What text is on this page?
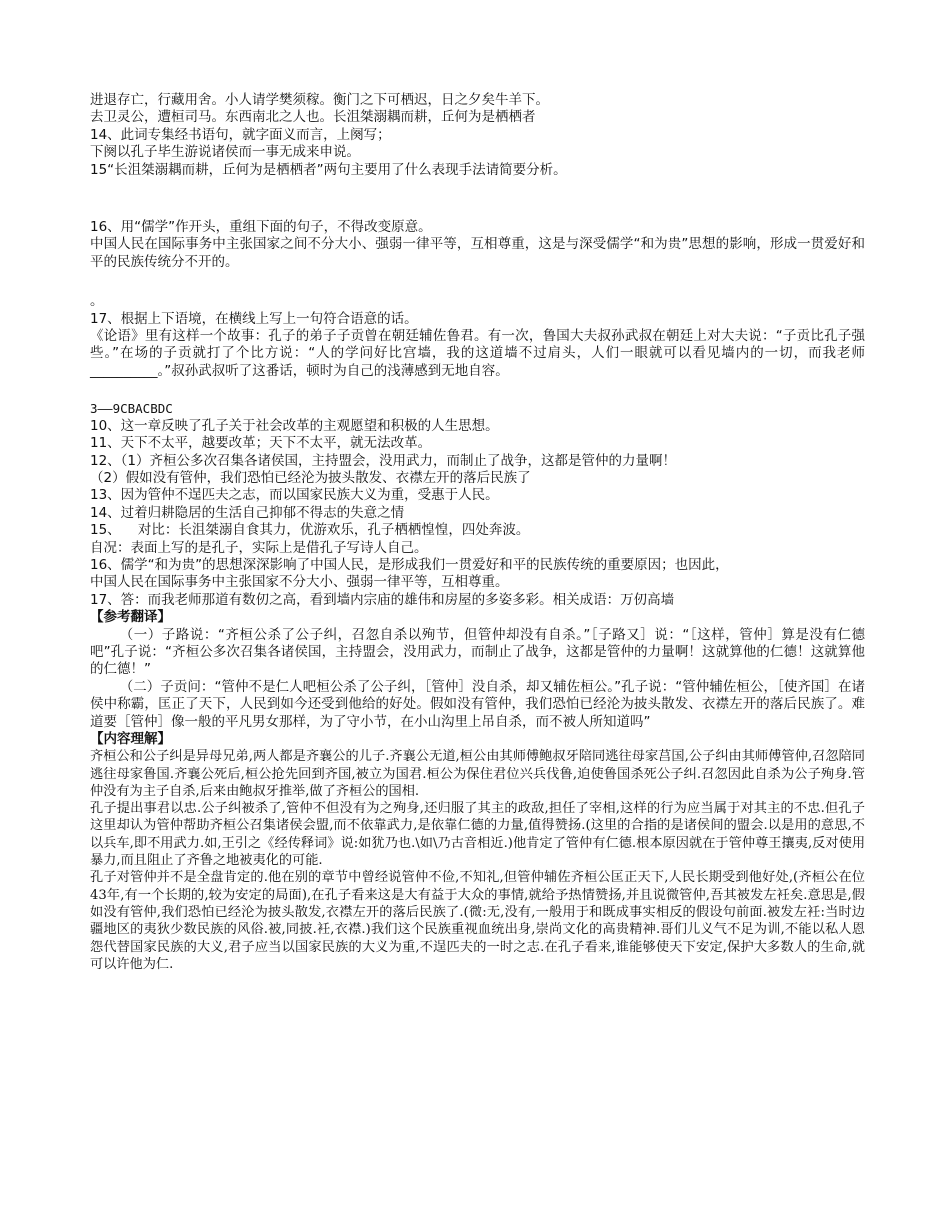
进退存亡，行藏用舍。小人请学樊须稼。衡门之下可栖迟，日之夕矣牛羊下。
去卫灵公，遭桓司马。东西南北之人也。长沮桀溺耦而耕，丘何为是栖栖者
14、此词专集经书语句，就字面义而言，上阕写；
下阕以孔子毕生游说诸侯而一事无成来申说。
15“长沮桀溺耦而耕，丘何为是栖栖者”两句主要用了什么表现手法请简要分析。
16、用“儒学”作开头，重组下面的句子，不得改变原意。
中国人民在国际事务中主张国家之间不分大小、强弱一律平等，互相尊重，这是与深受儒学“和为贵”思想的影响，形成一贯爱好和平的民族传统分不开的。
。
17、根据上下语境，在横线上写上一句符合语意的话。
《论语》里有这样一个故事：孔子的弟子子贡曾在朝廷辅佐鲁君。有一次，鲁国大夫叔孙武叔在朝廷上对大夫说：“子贡比孔子强些。”在场的子贡就打了个比方说：“人的学问好比宫墙，我的这道墙不过肩头，人们一眼就可以看见墙内的一切，而我老师__________。”叔孙武叔听了这番话，顿时为自己的浅薄感到无地自容。
3——9CBACBDC
10、这一章反映了孔子关于社会改革的主观愿望和积极的人生思想。
11、天下不太平，越要改革；天下不太平，就无法改革。
12、（1）齐桓公多次召集各诸侯国，主持盟会，没用武力，而制止了战争，这都是管仲的力量啊！
（2）假如没有管仲，我们恐怕已经沦为披头散发、衣襟左开的落后民族了
13、因为管仲不逞匹夫之志，而以国家民族大义为重，受惠于人民。
14、过着归耕隐居的生活自己抑郁不得志的失意之情
15、    对比：长沮桀溺自食其力，优游欢乐，孔子栖栖惶惶，四处奔波。
自况：表面上写的是孔子，实际上是借孔子写诗人自己。
16、儒学“和为贵”的思想深深影响了中国人民，是形成我们一贯爱好和平的民族传统的重要原因；也因此，
中国人民在国际事务中主张国家不分大小、强弱一律平等，互相尊重。
17、答：而我老师那道有数仞之高，看到墙内宗庙的雄伟和房屋的多姿多彩。相关成语：万仞高墙
【参考翻译】
（一）子路说：“齐桓公杀了公子纠，召忽自杀以殉节，但管仲却没有自杀。”［子路又］说：“［这样，管仲］算是没有仁德吧”孔子说：“齐桓公多次召集各诸侯国，主持盟会，没用武力，而制止了战争，这都是管仲的力量啊！这就算他的仁德！这就算他的仁德！”
（二）子贡问：“管仲不是仁人吧桓公杀了公子纠，［管仲］没自杀，却又辅佐桓公。”孔子说：“管仲辅佐桓公，［使齐国］在诸侯中称霸，匡正了天下，人民到如今还受到他给的好处。假如没有管仲，我们恐怕已经沦为披头散发、衣襟左开的落后民族了。难道要［管仲］像一般的平凡男女那样，为了守小节，在小山沟里上吊自杀，而不被人所知道吗”
【内容理解】
齐桓公和公子纠是异母兄弟,两人都是齐襄公的儿子.齐襄公无道,桓公由其师傅鲍叔牙陪同逃往母家莒国,公子纠由其师傅管仲,召忽陪同逃往母家鲁国.齐襄公死后,桓公抢先回到齐国,被立为国君.桓公为保住君位兴兵伐鲁,迫使鲁国杀死公子纠.召忽因此自杀为公子殉身.管仲没有为主子自杀,后来由鲍叔牙推举,做了齐桓公的国相.
孔子提出事君以忠.公子纠被杀了,管仲不但没有为之殉身,还归服了其主的政敌,担任了宰相,这样的行为应当属于对其主的不忠.但孔子这里却认为管仲帮助齐桓公召集诸侯会盟,而不依靠武力,是依靠仁德的力量,值得赞扬.(这里的合指的是诸侯间的盟会.以是用的意思,不以兵车,即不用武力.如,王引之《经传释词》说:如犹乃也.\如\乃古音相近.)他肯定了管仲有仁德.根本原因就在于管仲尊王攘夷,反对使用暴力,而且阻止了齐鲁之地被夷化的可能.
孔子对管仲并不是全盘肯定的.他在别的章节中曾经说管仲不俭,不知礼,但管仲辅佐齐桓公匡正天下,人民长期受到他好处,(齐桓公在位43年,有一个长期的,较为安定的局面),在孔子看来这是大有益于大众的事情,就给予热情赞扬,并且说微管仲,吾其被发左衽矣.意思是,假如没有管仲,我们恐怕已经沦为披头散发,衣襟左开的落后民族了.(微:无,没有,一般用于和既成事实相反的假设句前面.被发左衽:当时边疆地区的夷狄少数民族的风俗.被,同披.衽,衣襟.)我们这个民族重视血统出身,崇尚文化的高贵精神.哥们儿义气不足为训,不能以私人恩怨代替国家民族的大义,君子应当以国家民族的大义为重,不逞匹夫的一时之志.在孔子看来,谁能够使天下安定,保护大多数人的生命,就可以许他为仁.
